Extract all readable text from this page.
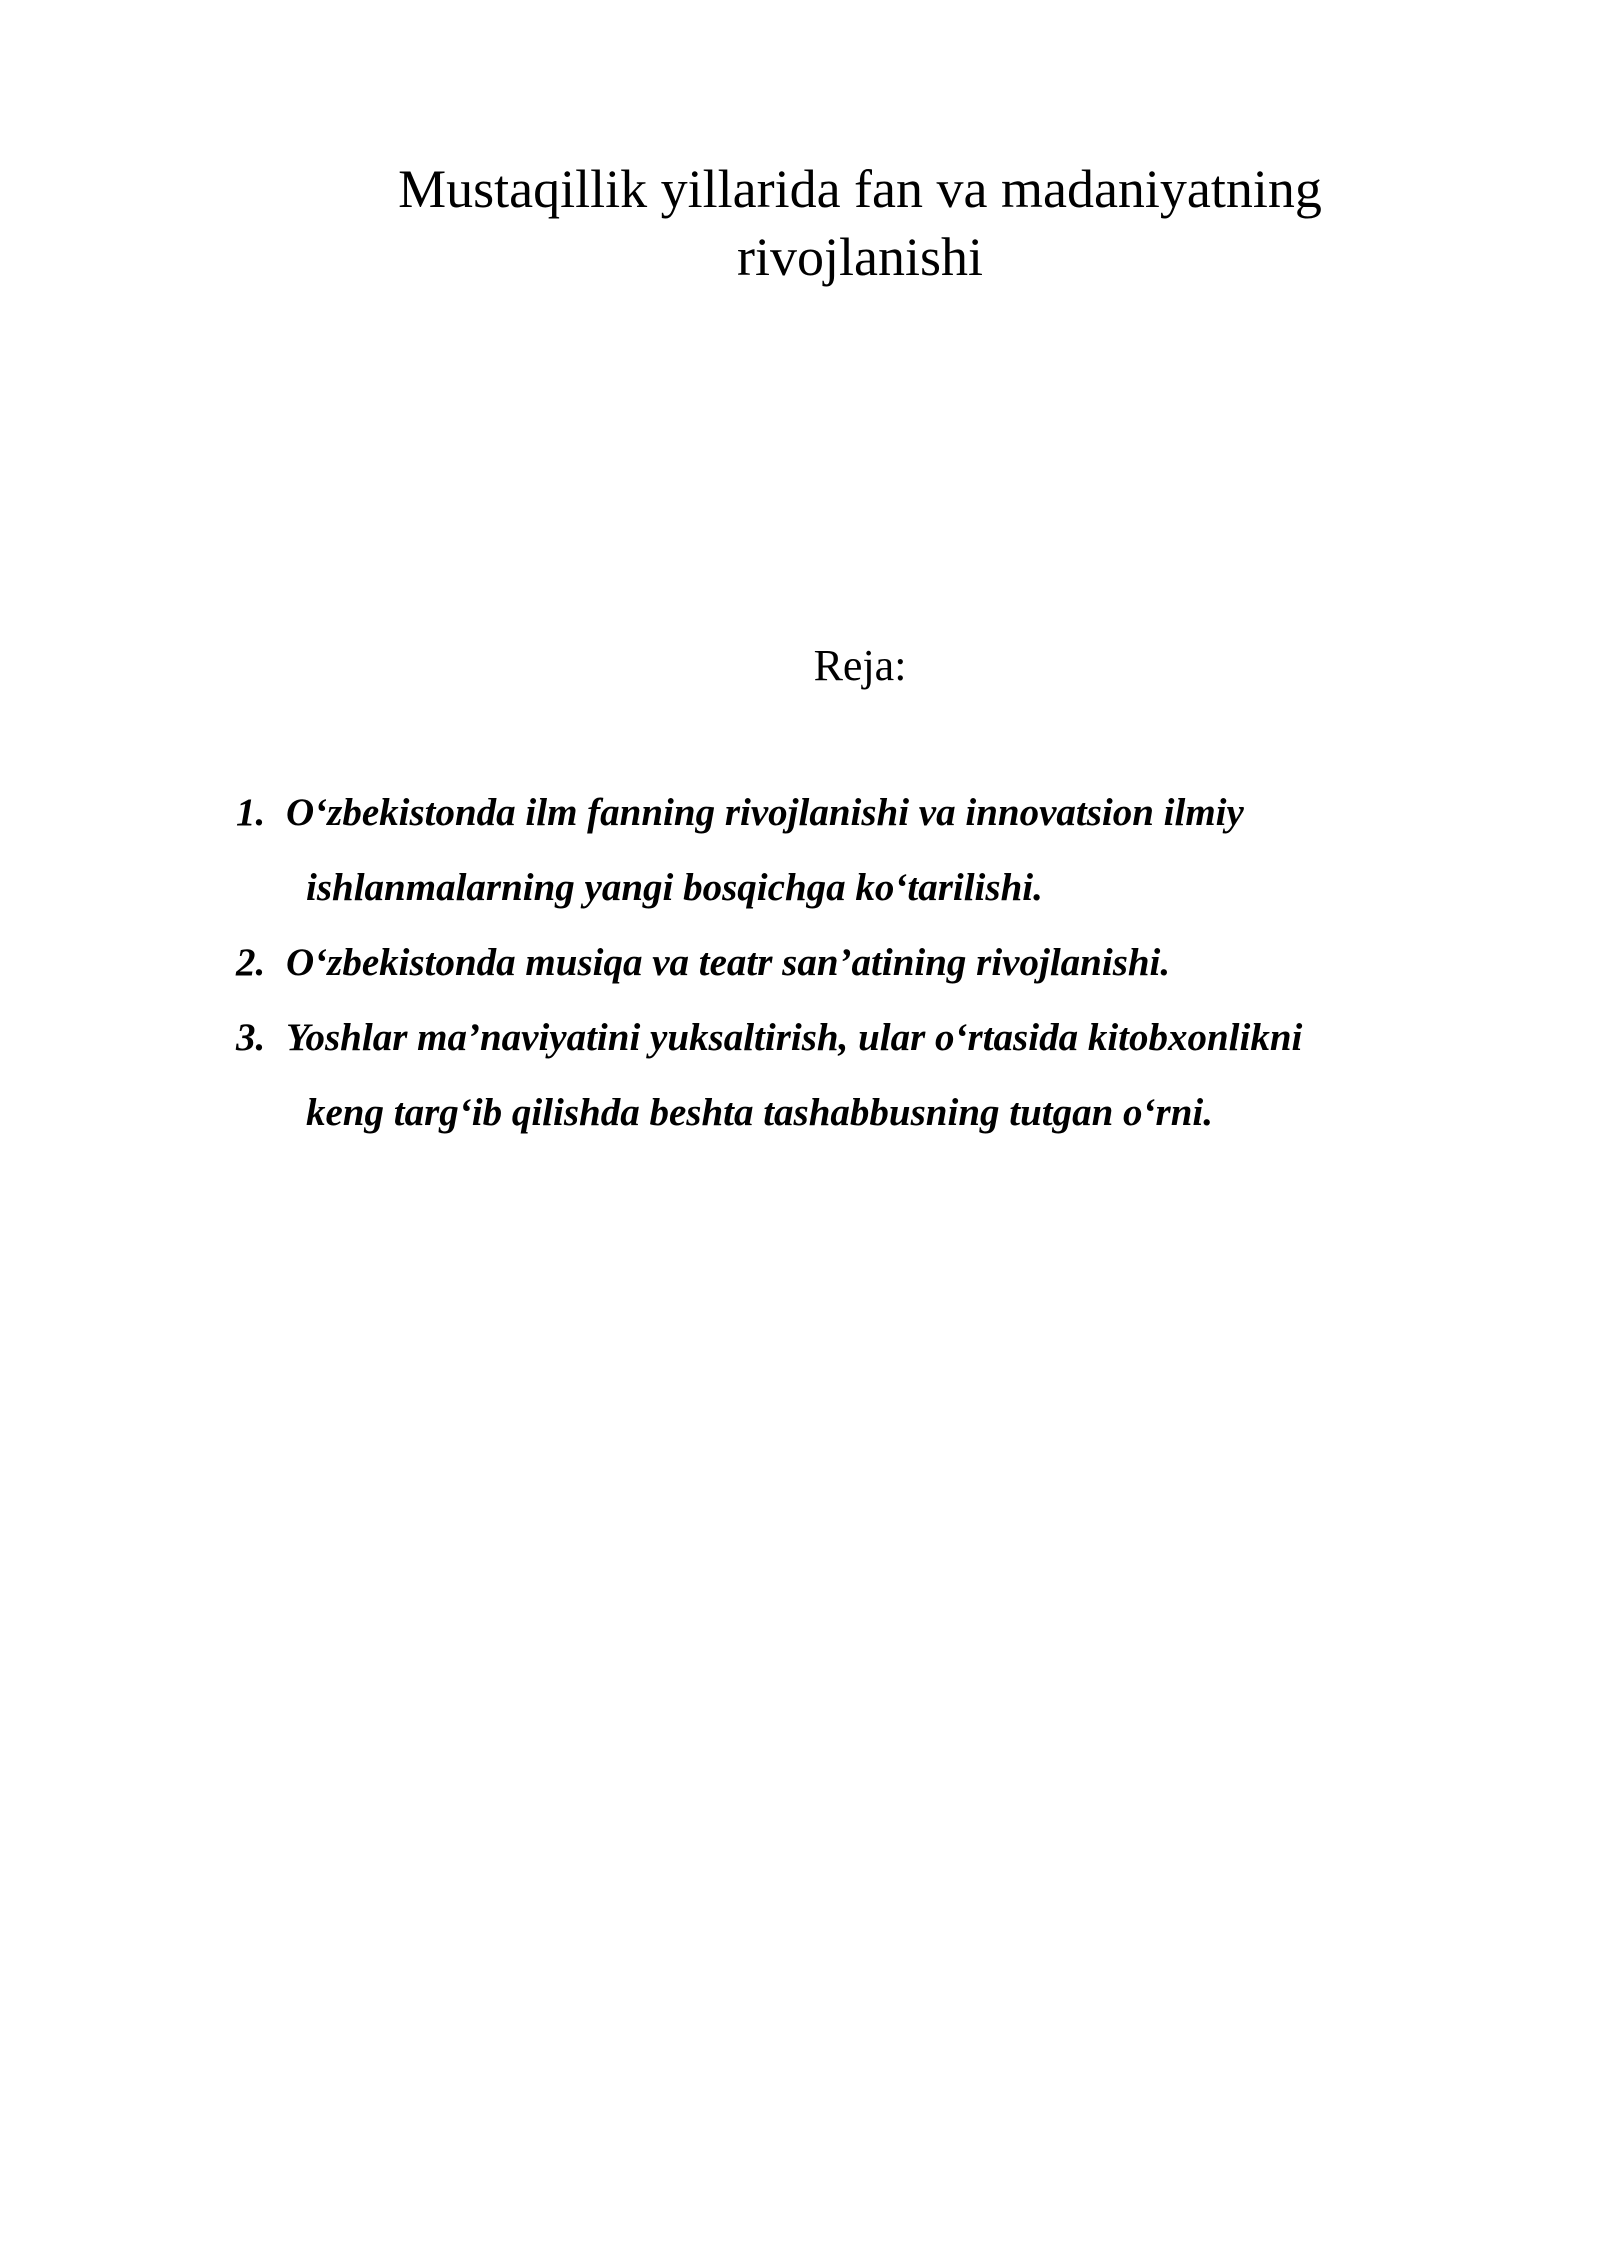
Mustaqillik yillarida fan va madaniyatning
rivojlanishi
Reja:
1. O‘zbekistonda ilm fanning rivojlanishi va innovatsion ilmiy
ishlanmalarning yangi bosqichga ko‘tarilishi.
2. O‘zbekistonda musiqa va teatr san’atining rivojlanishi.
3. Yoshlar ma’naviyatini yuksaltirish, ular o‘rtasida kitobxonlikni
keng targ‘ib qilishda beshta tashabbusning tutgan o‘rni.
